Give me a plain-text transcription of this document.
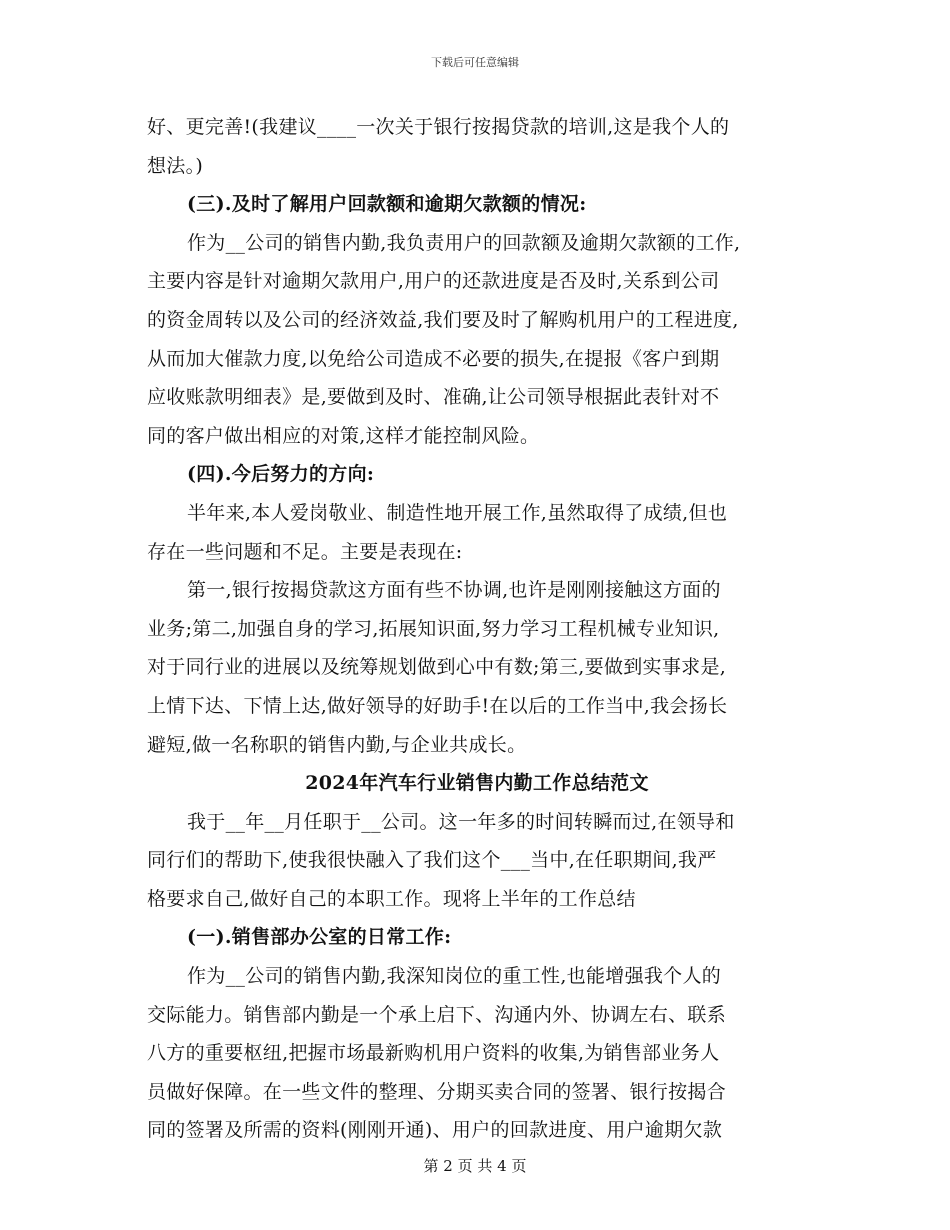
下载后可任意编辑
好、更完善!(我建议____一次关于银行按揭贷款的培训,这是我个人的
想法。)
(三).及时了解用户回款额和逾期欠款额的情况:
作为__公司的销售内勤,我负责用户的回款额及逾期欠款额的工作,
主要内容是针对逾期欠款用户,用户的还款进度是否及时,关系到公司
的资金周转以及公司的经济效益,我们要及时了解购机用户的工程进度,
从而加大催款力度,以免给公司造成不必要的损失,在提报《客户到期
应收账款明细表》是,要做到及时、准确,让公司领导根据此表针对不
同的客户做出相应的对策,这样才能控制风险。
(四).今后努力的方向:
半年来,本人爱岗敬业、制造性地开展工作,虽然取得了成绩,但也
存在一些问题和不足。主要是表现在:
第一,银行按揭贷款这方面有些不协调,也许是刚刚接触这方面的
业务;第二,加强自身的学习,拓展知识面,努力学习工程机械专业知识,
对于同行业的进展以及统筹规划做到心中有数;第三,要做到实事求是,
上情下达、下情上达,做好领导的好助手!在以后的工作当中,我会扬长
避短,做一名称职的销售内勤,与企业共成长。
2024年汽车行业销售内勤工作总结范文
我于__年__月任职于__公司。这一年多的时间转瞬而过,在领导和
同行们的帮助下,使我很快融入了我们这个___当中,在任职期间,我严
格要求自己,做好自己的本职工作。现将上半年的工作总结
(一).销售部办公室的日常工作:
作为__公司的销售内勤,我深知岗位的重工性,也能增强我个人的
交际能力。销售部内勤是一个承上启下、沟通内外、协调左右、联系
八方的重要枢纽,把握市场最新购机用户资料的收集,为销售部业务人
员做好保障。在一些文件的整理、分期买卖合同的签署、银行按揭合
同的签署及所需的资料(刚刚开通)、用户的回款进度、用户逾期欠款
第 2 页 共 4 页
